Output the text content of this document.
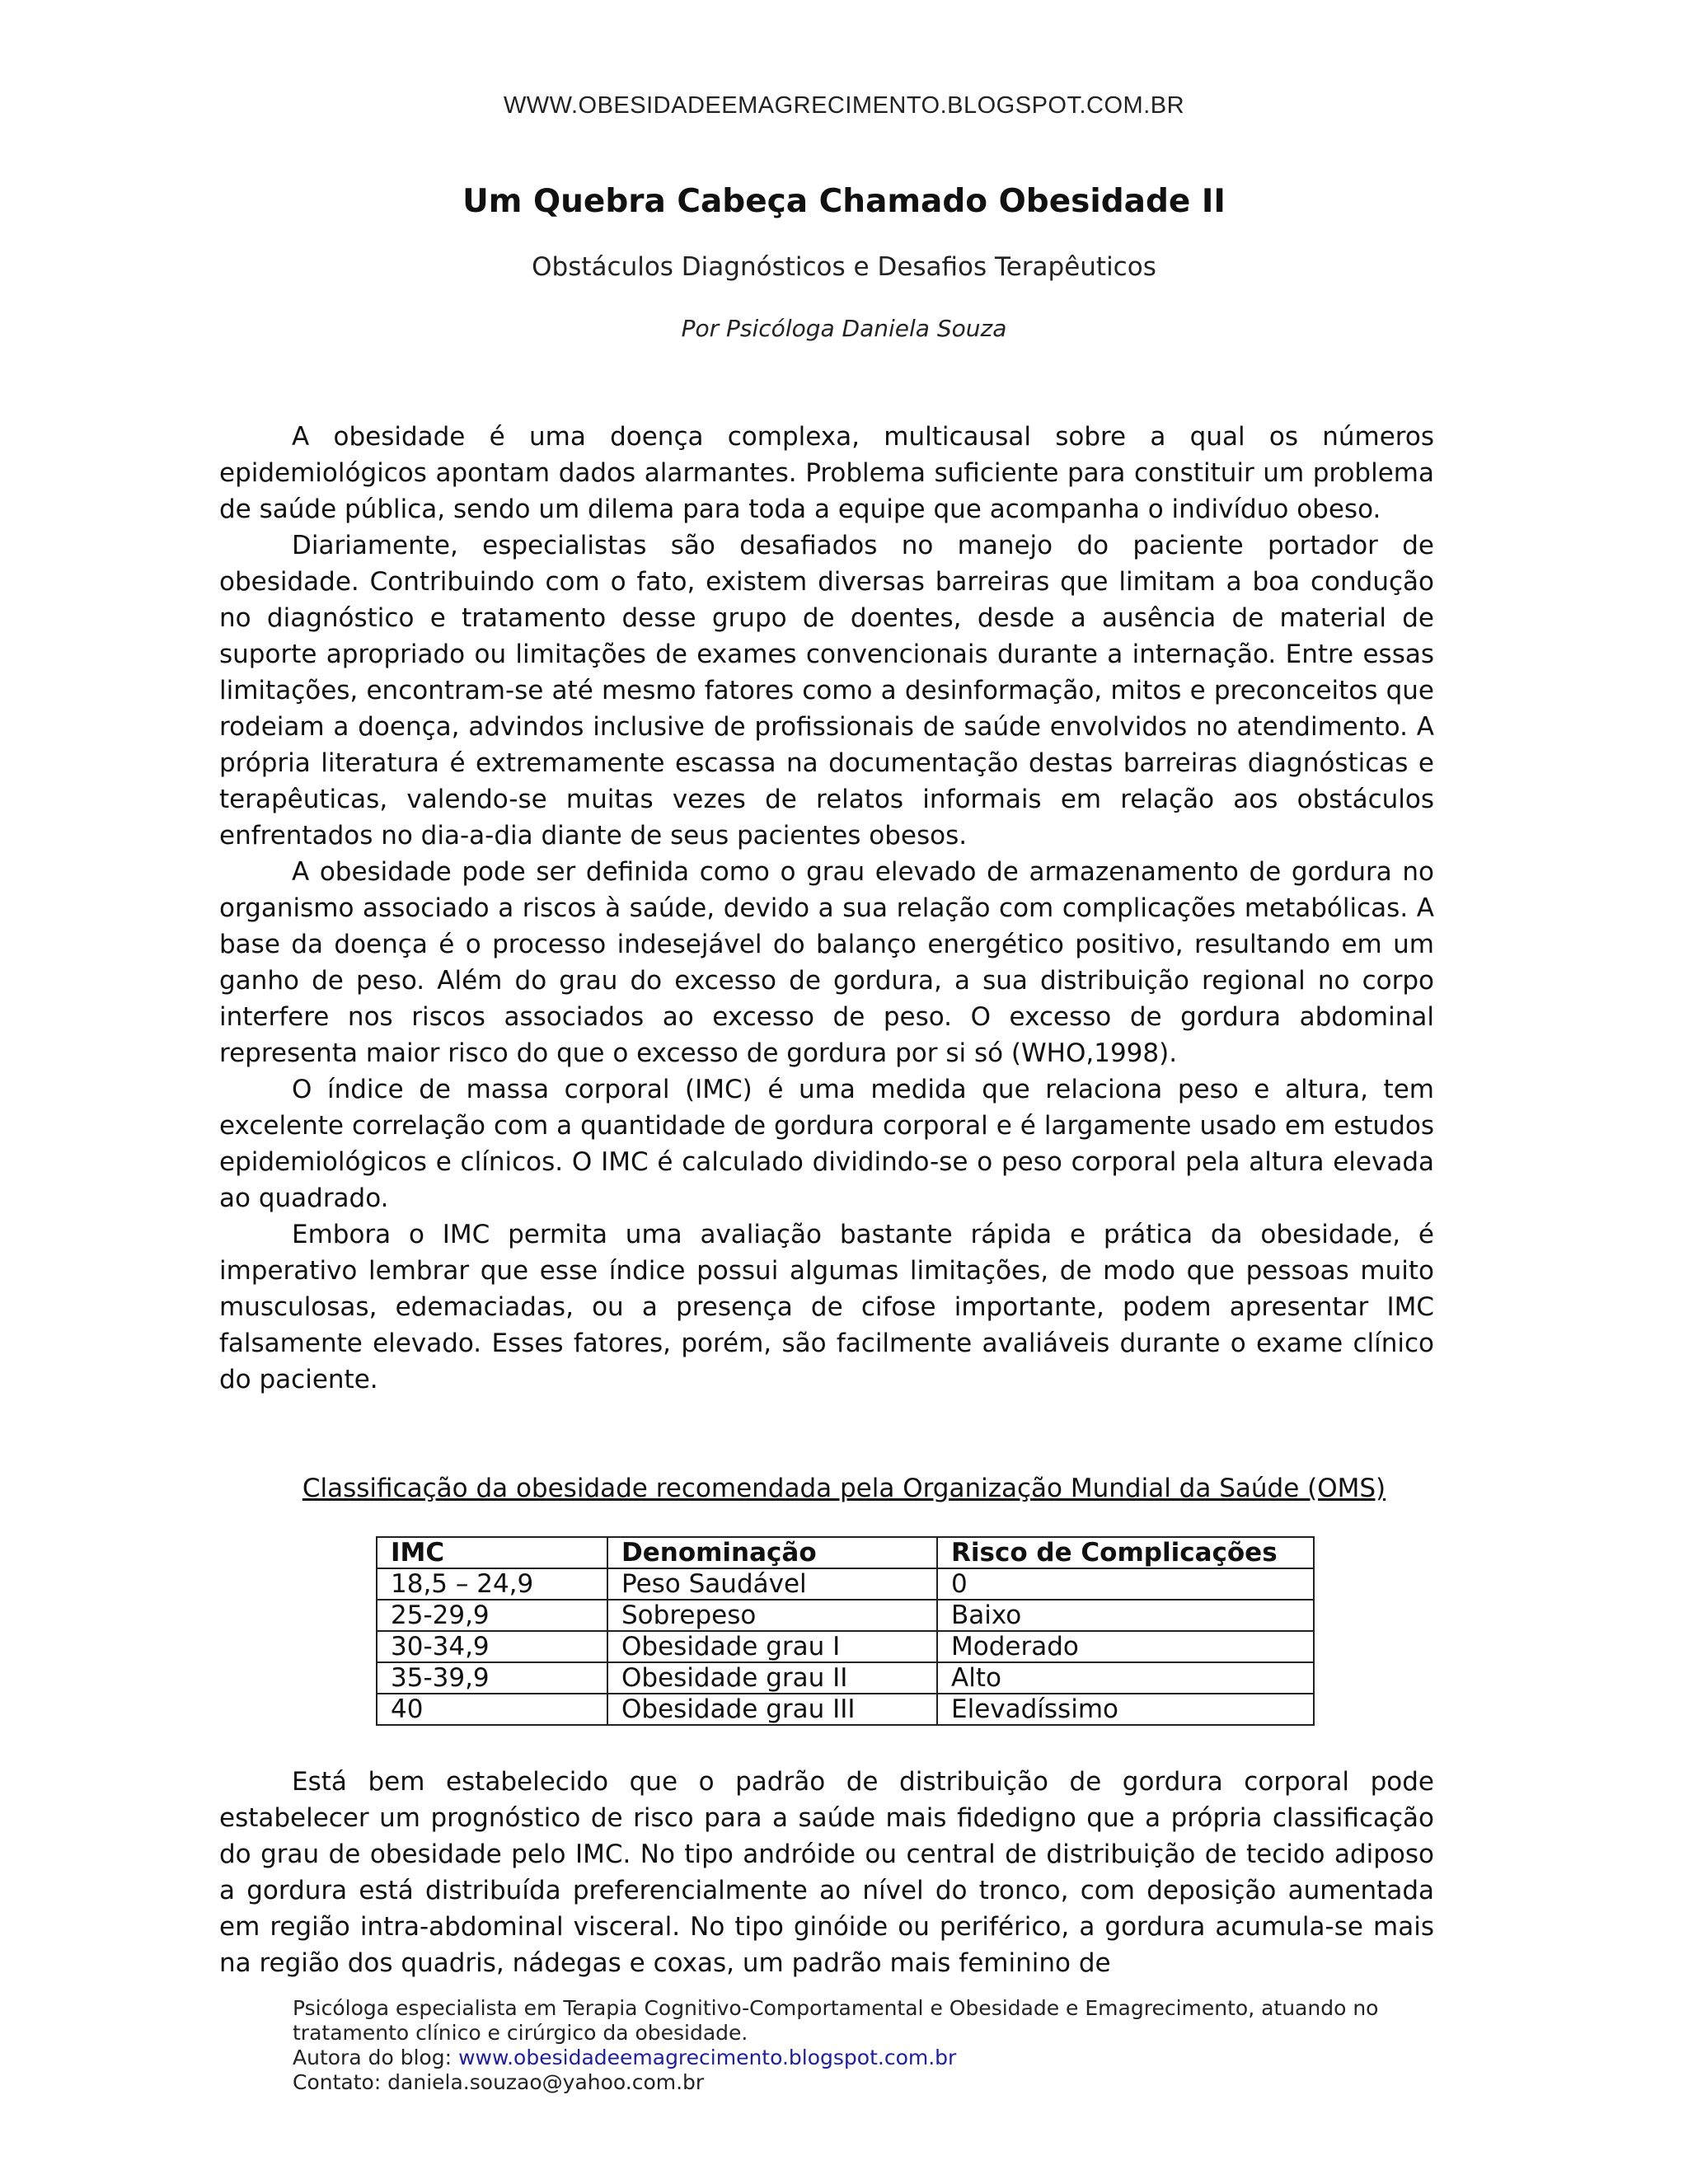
WWW.OBESIDADEEMAGRECIMENTO.BLOGSPOT.COM.BR
Um Quebra Cabeça Chamado Obesidade II
Obstáculos Diagnósticos e Desafios Terapêuticos
Por Psicóloga Daniela Souza

A obesidade é uma doença complexa, multicausal sobre a qual os números epidemiológicos apontam dados alarmantes. Problema suficiente para constituir um problema de saúde pública, sendo um dilema para toda a equipe que acompanha o indivíduo obeso.

Diariamente, especialistas são desafiados no manejo do paciente portador de obesidade. Contribuindo com o fato, existem diversas barreiras que limitam a boa condução no diagnóstico e tratamento desse grupo de doentes, desde a ausência de material de suporte apropriado ou limitações de exames convencionais durante a internação. Entre essas limitações, encontram-se até mesmo fatores como a desinformação, mitos e preconceitos que rodeiam a doença, advindos inclusive de profissionais de saúde envolvidos no atendimento. A própria literatura é extremamente escassa na documentação destas barreiras diagnósticas e terapêuticas, valendo-se muitas vezes de relatos informais em relação aos obstáculos enfrentados no dia-a-dia diante de seus pacientes obesos.

A obesidade pode ser definida como o grau elevado de armazenamento de gordura no organismo associado a riscos à saúde, devido a sua relação com complicações metabólicas. A base da doença é o processo indesejável do balanço energético positivo, resultando em um ganho de peso. Além do grau do excesso de gordura, a sua distribuição regional no corpo interfere nos riscos associados ao excesso de peso. O excesso de gordura abdominal representa maior risco do que o excesso de gordura por si só (WHO,1998).

O índice de massa corporal (IMC) é uma medida que relaciona peso e altura, tem excelente correlação com a quantidade de gordura corporal e é largamente usado em estudos epidemiológicos e clínicos. O IMC é calculado dividindo-se o peso corporal pela altura elevada ao quadrado.

Embora o IMC permita uma avaliação bastante rápida e prática da obesidade, é imperativo lembrar que esse índice possui algumas limitações, de modo que pessoas muito musculosas, edemaciadas, ou a presença de cifose importante, podem apresentar IMC falsamente elevado. Esses fatores, porém, são facilmente avaliáveis durante o exame clínico do paciente.

Classificação da obesidade recomendada pela Organização Mundial da Saúde (OMS)
IMC	Denominação	Risco de Complicações
18,5 – 24,9	Peso Saudável	0
25-29,9	Sobrepeso	Baixo
30-34,9	Obesidade grau I	Moderado
35-39,9	Obesidade grau II	Alto
40	Obesidade grau III	Elevadíssimo

Está bem estabelecido que o padrão de distribuição de gordura corporal pode estabelecer um prognóstico de risco para a saúde mais fidedigno que a própria classificação do grau de obesidade pelo IMC. No tipo andróide ou central de distribuição de tecido adiposo a gordura está distribuída preferencialmente ao nível do tronco, com deposição aumentada em região intra-abdominal visceral. No tipo ginóide ou periférico, a gordura acumula-se mais na região dos quadris, nádegas e coxas, um padrão mais feminino de

Psicóloga especialista em Terapia Cognitivo-Comportamental e Obesidade e Emagrecimento, atuando no
tratamento clínico e cirúrgico da obesidade.
Autora do blog: www.obesidadeemagrecimento.blogspot.com.br
Contato: daniela.souzao@yahoo.com.br
